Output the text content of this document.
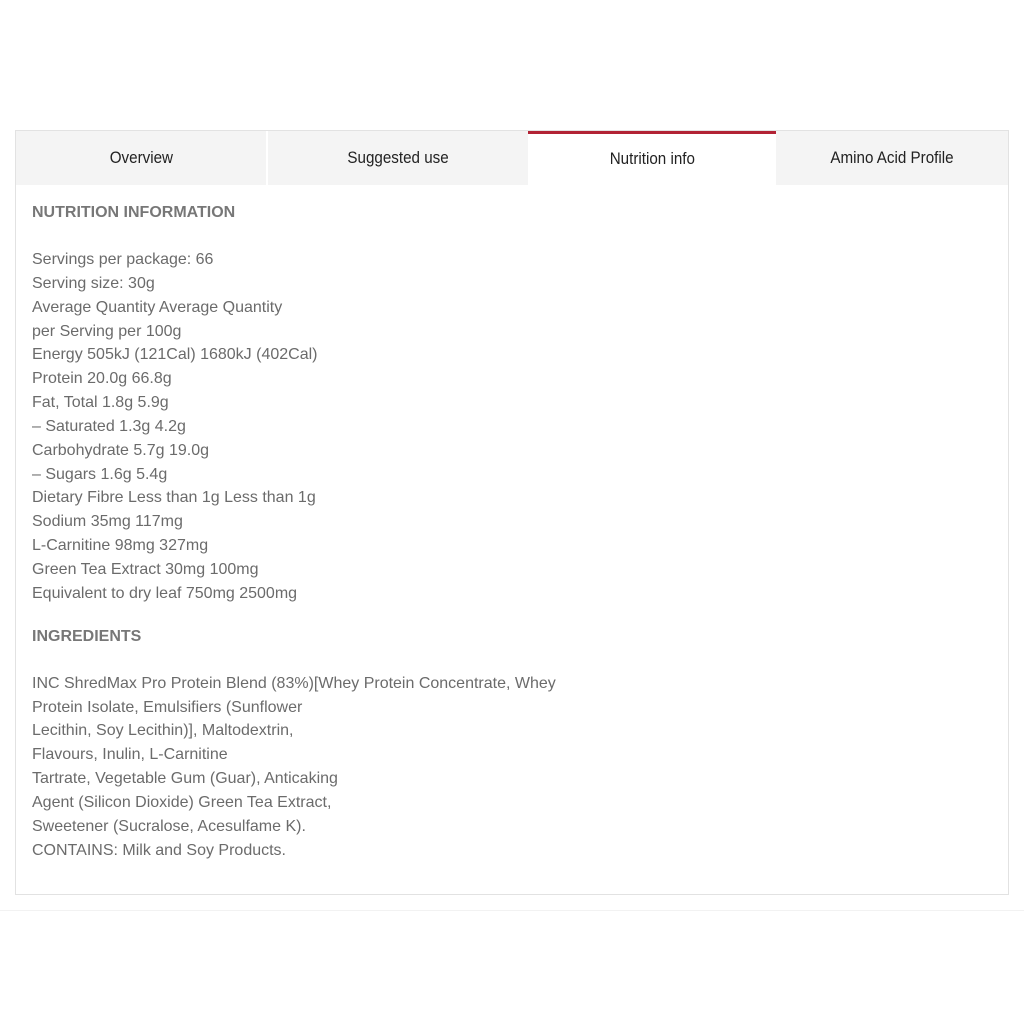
Overview	Suggested use	Nutrition info	Amino Acid Profile
NUTRITION INFORMATION
Servings per package: 66
Serving size: 30g
Average Quantity Average Quantity
per Serving per 100g
Energy 505kJ (121Cal) 1680kJ (402Cal)
Protein 20.0g 66.8g
Fat, Total 1.8g 5.9g
– Saturated 1.3g 4.2g
Carbohydrate 5.7g 19.0g
– Sugars 1.6g 5.4g
Dietary Fibre Less than 1g Less than 1g
Sodium 35mg 117mg
L-Carnitine 98mg 327mg
Green Tea Extract 30mg 100mg
Equivalent to dry leaf 750mg 2500mg
INGREDIENTS
INC ShredMax Pro Protein Blend (83%)[Whey Protein Concentrate, Whey
Protein Isolate, Emulsifiers (Sunflower
Lecithin, Soy Lecithin)], Maltodextrin,
Flavours, Inulin, L-Carnitine
Tartrate, Vegetable Gum (Guar), Anticaking
Agent (Silicon Dioxide) Green Tea Extract,
Sweetener (Sucralose, Acesulfame K).
CONTAINS: Milk and Soy Products.
